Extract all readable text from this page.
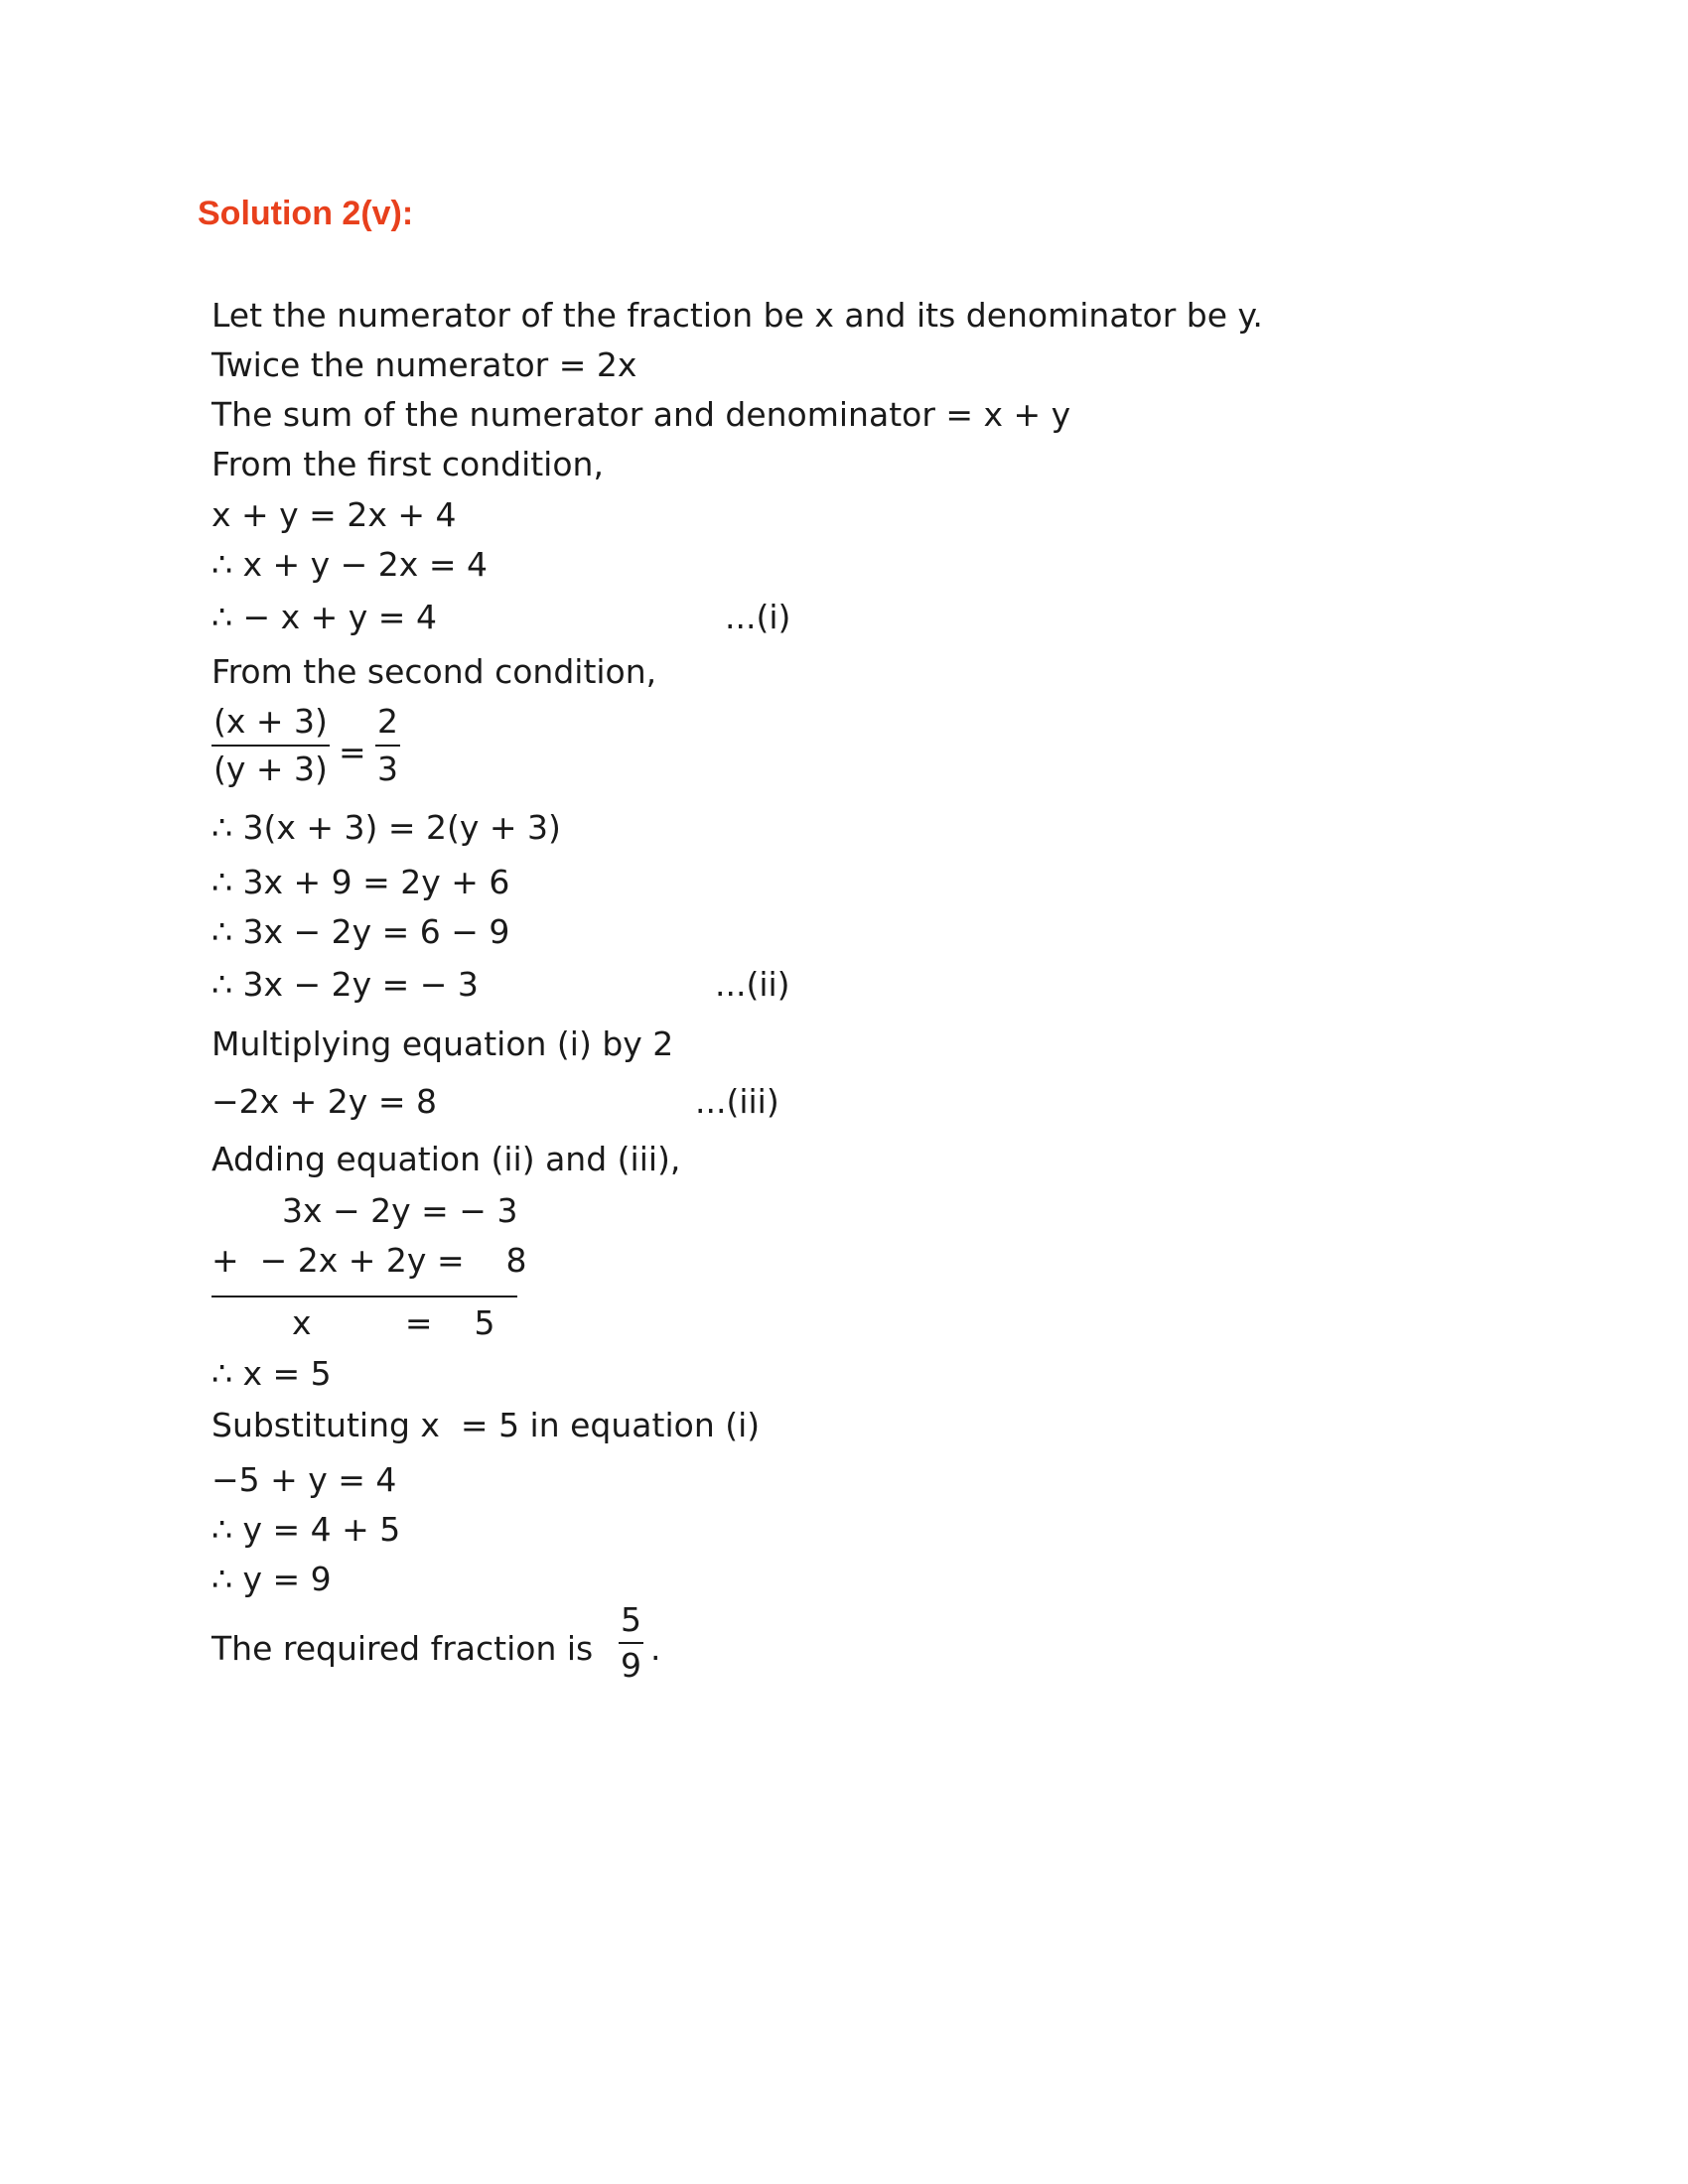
Solution 2(v):
Let the numerator of the fraction be x and its denominator be y.
Twice the numerator = 2x
The sum of the numerator and denominator = x + y
From the first condition,
x + y = 2x + 4
∴ x + y − 2x = 4
∴ − x + y = 4	...(i)
From the second condition,
$\frac{(x + 3)}{(y + 3)} = \frac{2}{3}$
∴ 3(x + 3) = 2(y + 3)
∴ 3x + 9 = 2y + 6
∴ 3x − 2y = 6 − 9
∴ 3x − 2y = − 3	...(ii)
Multiplying equation (i) by 2
−2x + 2y = 8	...(iii)
Adding equation (ii) and (iii),
3x − 2y = − 3
+  − 2x + 2y =    8
x         =    5
∴ x = 5
Substituting x  = 5 in equation (i)
−5 + y = 4
∴ y = 4 + 5
∴ y = 9
The required fraction is $\frac{5}{9}$ .
